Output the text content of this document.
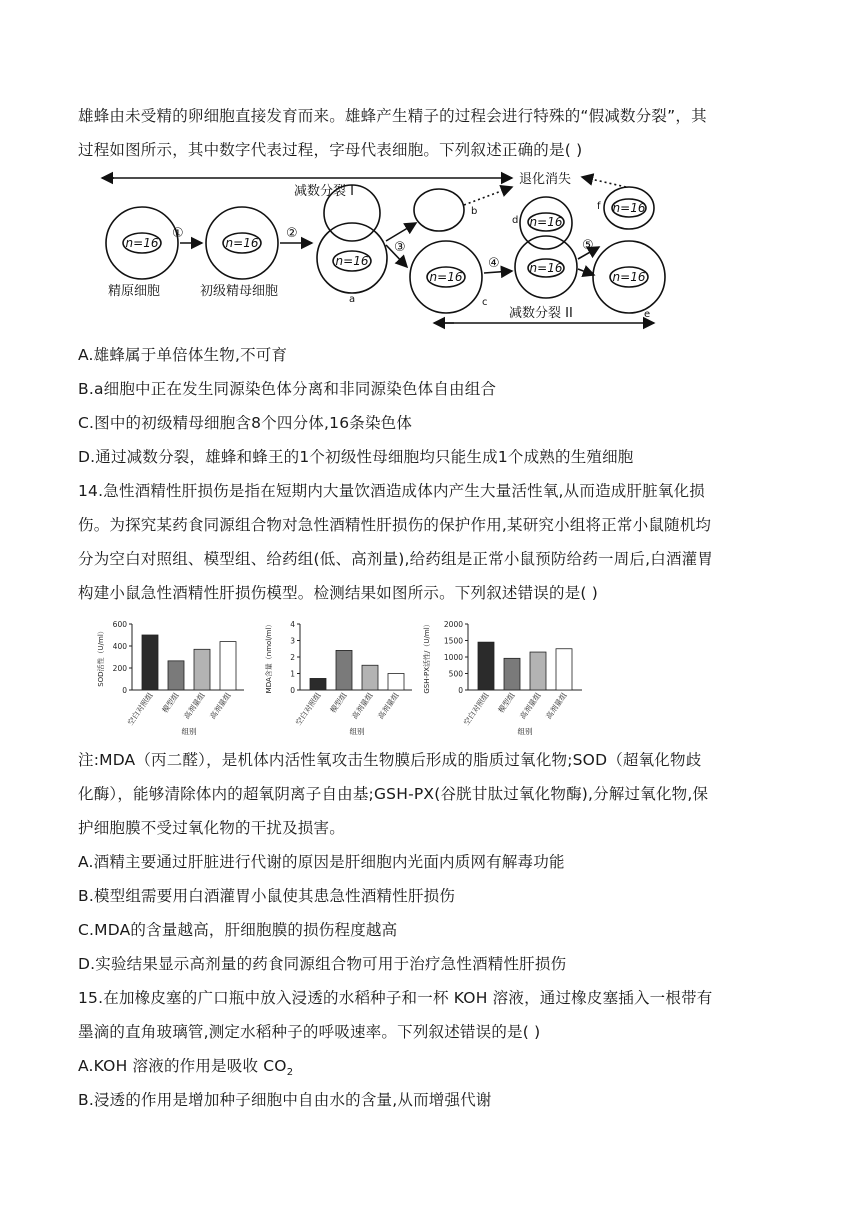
雄蜂由未受精的卵细胞直接发育而来。雄蜂产生精子的过程会进行特殊的“假减数分裂”，其
过程如图所示，其中数字代表过程，字母代表细胞。下列叙述正确的是( )
n=16	n=16
n=16
n=16
n=16
n=16
n=16
n=16
减数分裂 I
减数分裂 II
退化消失
①	②
③
④
⑤
精原细胞	初级精母细胞
a
b
c
d
e
f
A.雄蜂属于单倍体生物,不可育
B.a细胞中正在发生同源染色体分离和非同源染色体自由组合
C.图中的初级精母细胞含8个四分体,16条染色体
D.通过减数分裂，雄蜂和蜂王的1个初级性母细胞均只能生成1个成熟的生殖细胞
14.急性酒精性肝损伤是指在短期内大量饮酒造成体内产生大量活性氧,从而造成肝脏氧化损
伤。为探究某药食同源组合物对急性酒精性肝损伤的保护作用,某研究小组将正常小鼠随机均
分为空白对照组、模型组、给药组(低、高剂量),给药组是正常小鼠预防给药一周后,白酒灌胃
构建小鼠急性酒精性肝损伤模型。检测结果如图所示。下列叙述错误的是( )
SOD活性（U/ml）
0
200
400
600
空白对照组 模型组 高剂量组 高剂量组
组别
MDA含量（nmol/ml） 0
1
2
3
4
空白对照组 模型组 高剂量组 高剂量组
组别
GSH-PX活性/（U/ml）	0
500
1000
1500
2000
空白对照组 模型组 高剂量组 高剂量组
组别
注:MDA（丙二醛），是机体内活性氧攻击生物膜后形成的脂质过氧化物;SOD（超氧化物歧
化酶），能够清除体内的超氧阴离子自由基;GSH-PX(谷胱甘肽过氧化物酶),分解过氧化物,保
护细胞膜不受过氧化物的干扰及损害。
A.酒精主要通过肝脏进行代谢的原因是肝细胞内光面内质网有解毒功能
B.模型组需要用白酒灌胃小鼠使其患急性酒精性肝损伤
C.MDA的含量越高，肝细胞膜的损伤程度越高
D.实验结果显示高剂量的药食同源组合物可用于治疗急性酒精性肝损伤
15.在加橡皮塞的广口瓶中放入浸透的水稻种子和一杯 KOH 溶液，通过橡皮塞插入一根带有
墨滴的直角玻璃管,测定水稻种子的呼吸速率。下列叙述错误的是( )
A.KOH 溶液的作用是吸收 $CO_2$
B.浸透的作用是增加种子细胞中自由水的含量,从而增强代谢
